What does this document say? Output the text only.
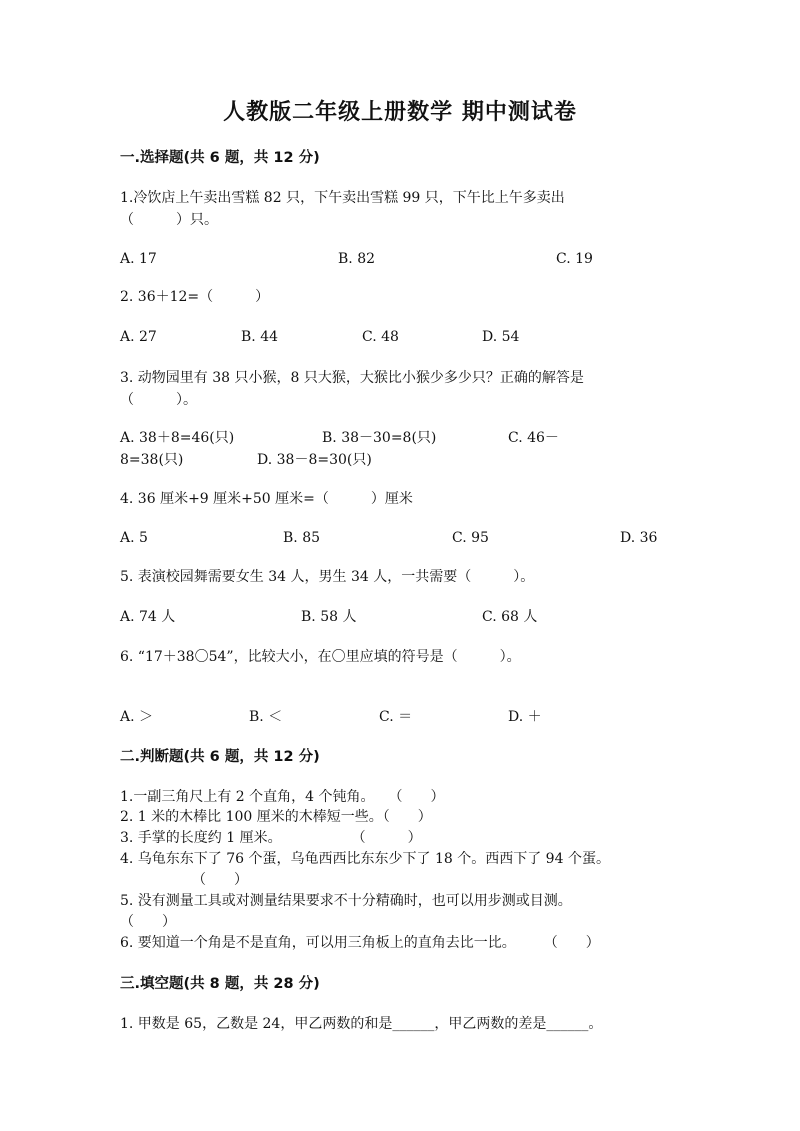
人教版二年级上册数学 期中测试卷
一.选择题(共 6 题，共 12 分)
1.冷饮店上午卖出雪糕 82 只，下午卖出雪糕 99 只，下午比上午多卖出
（　　　）只。
A. 17	B. 82	C. 19
2. 36＋12=（　　　）
A. 27	B. 44	C. 48	D. 54
3. 动物园里有 38 只小猴，8 只大猴，大猴比小猴少多少只？正确的解答是
（　　　）。
A. 38＋8=46(只)	B. 38－30=8(只)	C. 46－
8=38(只)	D. 38－8=30(只)
4. 36 厘米+9 厘米+50 厘米=（　　　）厘米
A. 5	B. 85	C. 95	D. 36
5. 表演校园舞需要女生 34 人，男生 34 人，一共需要（　　　）。
A. 74 人	B. 58 人	C. 68 人
6. “17＋38〇54”，比较大小，在〇里应填的符号是（　　　）。
A. ＞	B. ＜	C. ＝	D. ＋
二.判断题(共 6 题，共 12 分)
1.一副三角尺上有 2 个直角，4 个钝角。　　（　　）
2. 1 米的木棒比 100 厘米的木棒短一些。（　　）
3. 手掌的长度约 1 厘米。　　　　　　（　　　）
4. 乌龟东东下了 76 个蛋，乌龟西西比东东少下了 18 个。西西下了 94 个蛋。
（　　）
5. 没有测量工具或对测量结果要求不十分精确时，也可以用步测或目测。
（　　）
6. 要知道一个角是不是直角，可以用三角板上的直角去比一比。　　　（　　）
三.填空题(共 8 题，共 28 分)
1. 甲数是 65，乙数是 24，甲乙两数的和是______，甲乙两数的差是______。
